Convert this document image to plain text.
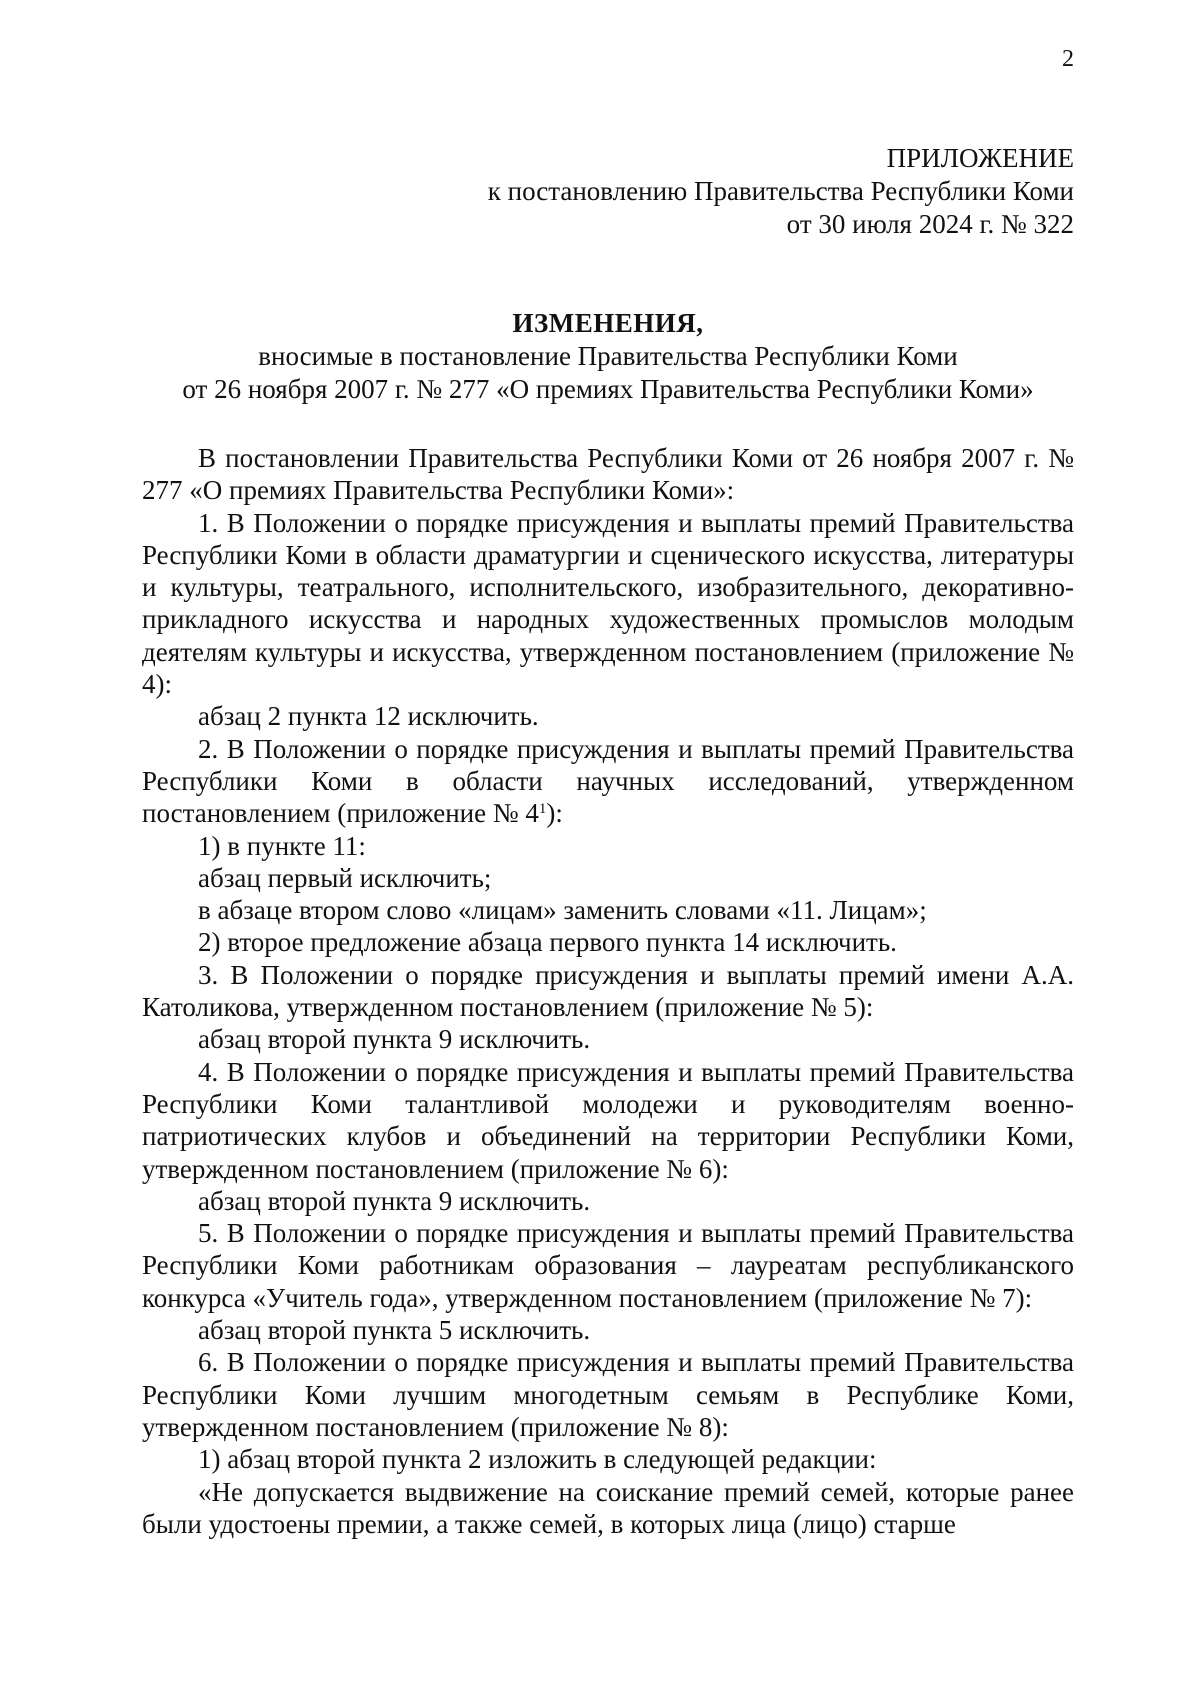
2
ПРИЛОЖЕНИЕ
к постановлению Правительства Республики Коми
от 30 июля 2024 г. № 322
ИЗМЕНЕНИЯ,
вносимые в постановление Правительства Республики Коми
от 26 ноября 2007 г. № 277 «О премиях Правительства Республики Коми»

В постановлении Правительства Республики Коми от 26 ноября 2007 г. № 277 «О премиях Правительства Республики Коми»:

1. В Положении о порядке присуждения и выплаты премий Правительства Республики Коми в области драматургии и сценического искусства, литературы и культуры, театрального, исполнительского, изобразительного, декоративно-прикладного искусства и народных художественных промыслов молодым деятелям культуры и искусства, утвержденном постановлением (приложение № 4):

абзац 2 пункта 12 исключить.

2. В Положении о порядке присуждения и выплаты премий Правительства Республики Коми в области научных исследований, утвержденном постановлением (приложение № $4^1$):

1) в пункте 11:

абзац первый исключить;

в абзаце втором слово «лицам» заменить словами «11. Лицам»;

2) второе предложение абзаца первого пункта 14 исключить.

3. В Положении о порядке присуждения и выплаты премий имени А.А. Католикова, утвержденном постановлением (приложение № 5):

абзац второй пункта 9 исключить.

4. В Положении о порядке присуждения и выплаты премий Правительства Республики Коми талантливой молодежи и руководителям военно-патриотических клубов и объединений на территории Республики Коми, утвержденном постановлением (приложение № 6):

абзац второй пункта 9 исключить.

5. В Положении о порядке присуждения и выплаты премий Правительства Республики Коми работникам образования – лауреатам республиканского конкурса «Учитель года», утвержденном постановлением (приложение № 7):

абзац второй пункта 5 исключить.

6. В Положении о порядке присуждения и выплаты премий Правительства Республики Коми лучшим многодетным семьям в Республике Коми, утвержденном постановлением (приложение № 8):

1) абзац второй пункта 2 изложить в следующей редакции:

«Не допускается выдвижение на соискание премий семей, которые ранее были удостоены премии, а также семей, в которых лица (лицо) старше
